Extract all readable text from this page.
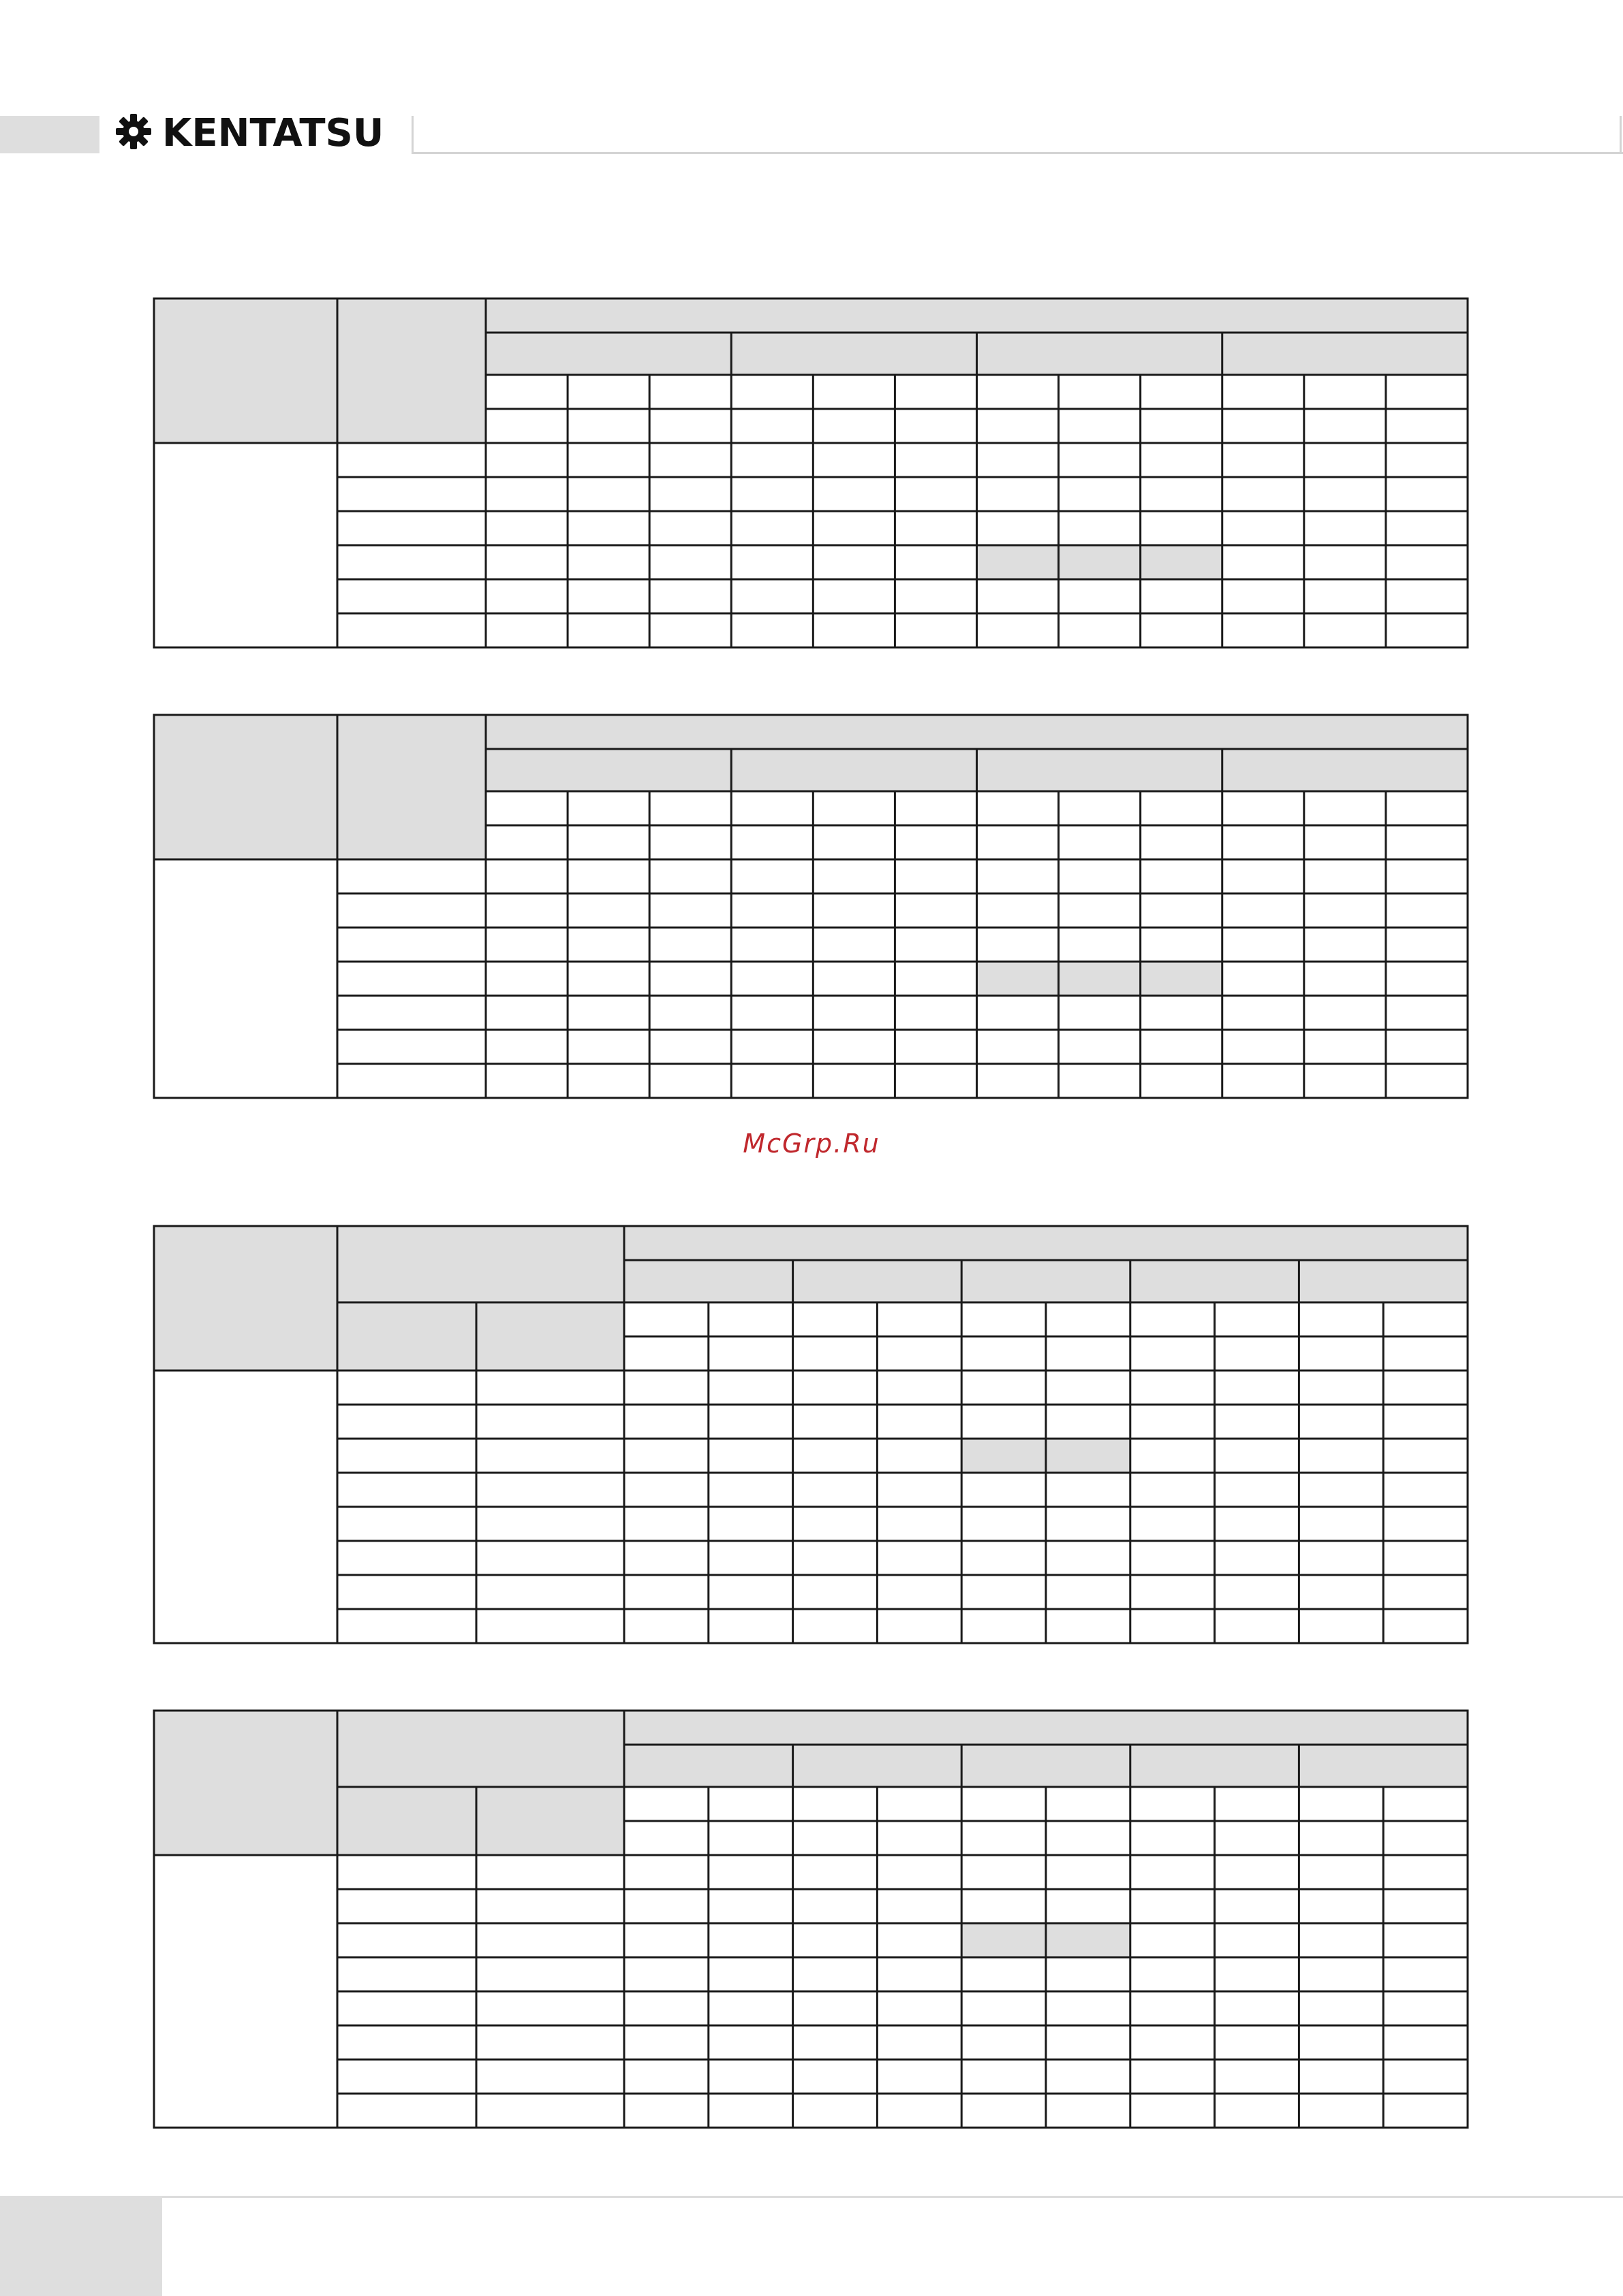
KENTATSU
McGrp.Ru
